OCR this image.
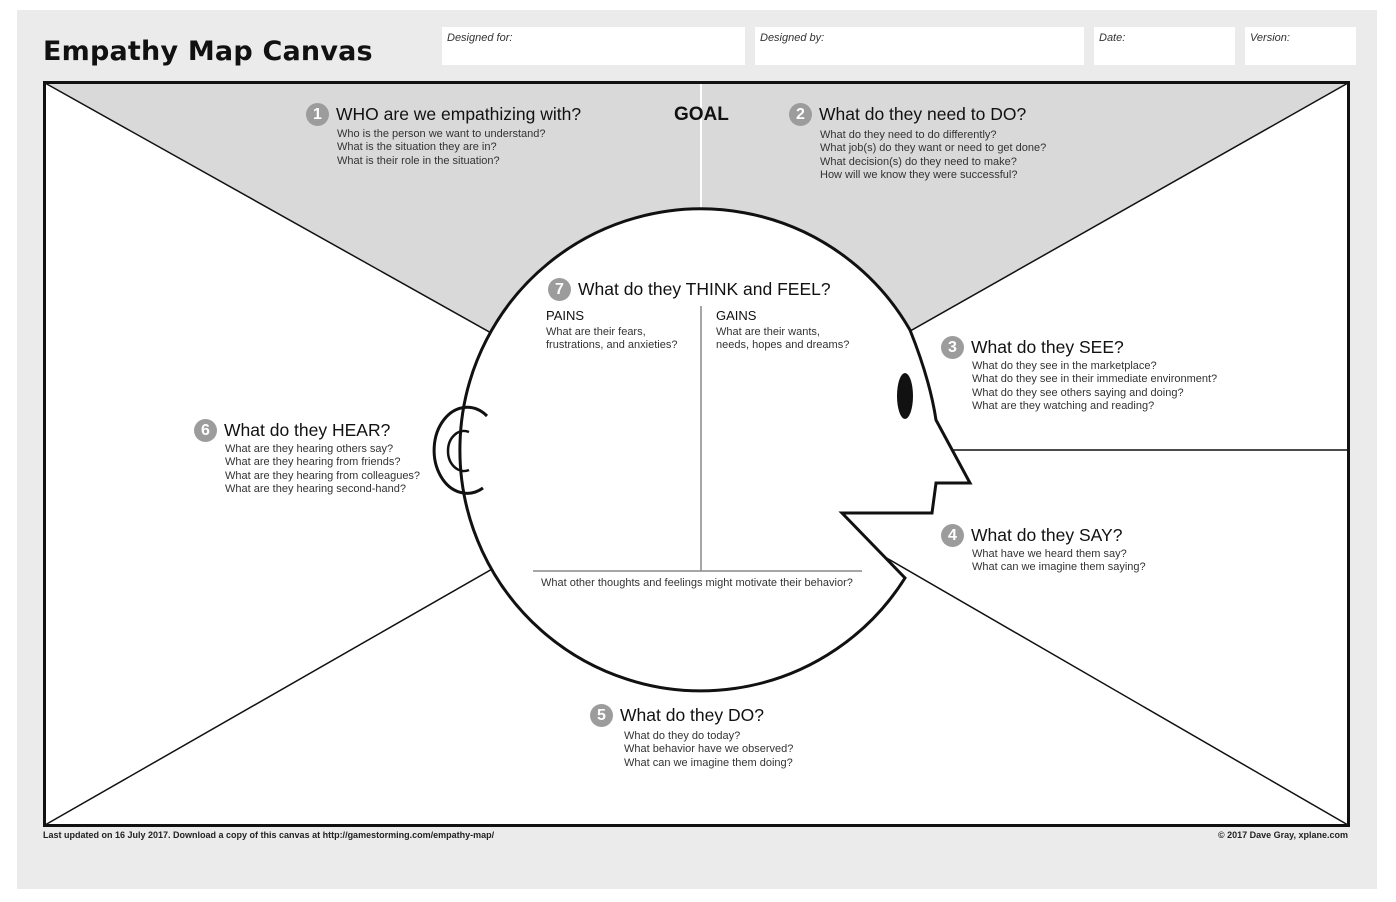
Empathy Map Canvas	Designed for:	Designed by:	Date:	Version:
GOAL
1 WHO are we empathizing with?
Who is the person we want to understand?
What is the situation they are in?
What is their role in the situation?
2 What do they need to DO?
What do they need to do differently?
What job(s) do they want or need to get done?
What decision(s) do they need to make?
How will we know they were successful?
7 What do they THINK and FEEL?
PAINS
What are their fears,
frustrations, and anxieties?
GAINS
What are their wants,
needs, hopes and dreams?
What other thoughts and feelings might motivate their behavior?
3 What do they SEE?
What do they see in the marketplace?
What do they see in their immediate environment?
What do they see others saying and doing?
What are they watching and reading?
6 What do they HEAR?
What are they hearing others say?
What are they hearing from friends?
What are they hearing from colleagues?
What are they hearing second-hand?
4 What do they SAY?
What have we heard them say?
What can we imagine them saying?
5 What do they DO?
What do they do today?
What behavior have we observed?
What can we imagine them doing?
Last updated on 16 July 2017. Download a copy of this canvas at http://gamestorming.com/empathy-map/	© 2017 Dave Gray, xplane.com
